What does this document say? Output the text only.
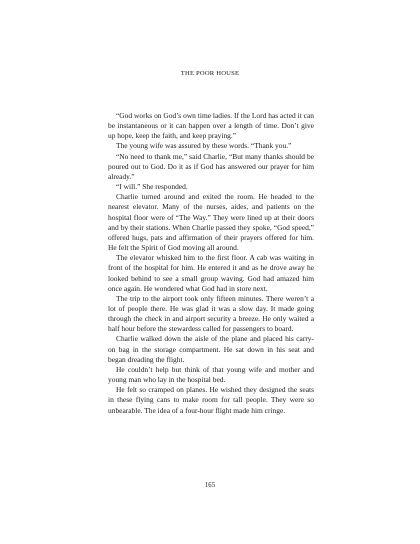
THE POOR HOUSE

“God works on God’s own time ladies. If the Lord has acted it can be instantaneous or it can happen over a length of time. Don’t give up hope, keep the faith, and keep praying.”

The young wife was assured by these words. “Thank you.”

“No need to thank me,” said Charlie, “But many thanks should be poured out to God. Do it as if God has answered our prayer for him already.”

“I will.” She responded.

Charlie turned around and exited the room. He headed to the nearest elevator. Many of the nurses, aides, and patients on the hospital floor were of “The Way.” They were lined up at their doors and by their stations. When Charlie passed they spoke, “God speed,” offered hugs, pats and affirmation of their prayers offered for him. He felt the Spirit of God moving all around.

The elevator whisked him to the first floor. A cab was waiting in front of the hospital for him. He entered it and as he drove away he looked behind to see a small group waving. God had amazed him once again. He wondered what God had in store next.

The trip to the airport took only fifteen minutes. There weren’t a lot of people there. He was glad it was a slow day. It made going through the check in and airport security a breeze. He only waited a half hour before the stewardess called for passengers to board.

Charlie walked down the aisle of the plane and placed his carry-on bag in the storage compartment. He sat down in his seat and began dreading the flight.

He couldn’t help but think of that young wife and mother and young man who lay in the hospital bed.

He felt so cramped on planes. He wished they designed the seats in these flying cans to make room for tall people. They were so unbearable. The idea of a four-hour flight made him cringe.

165
